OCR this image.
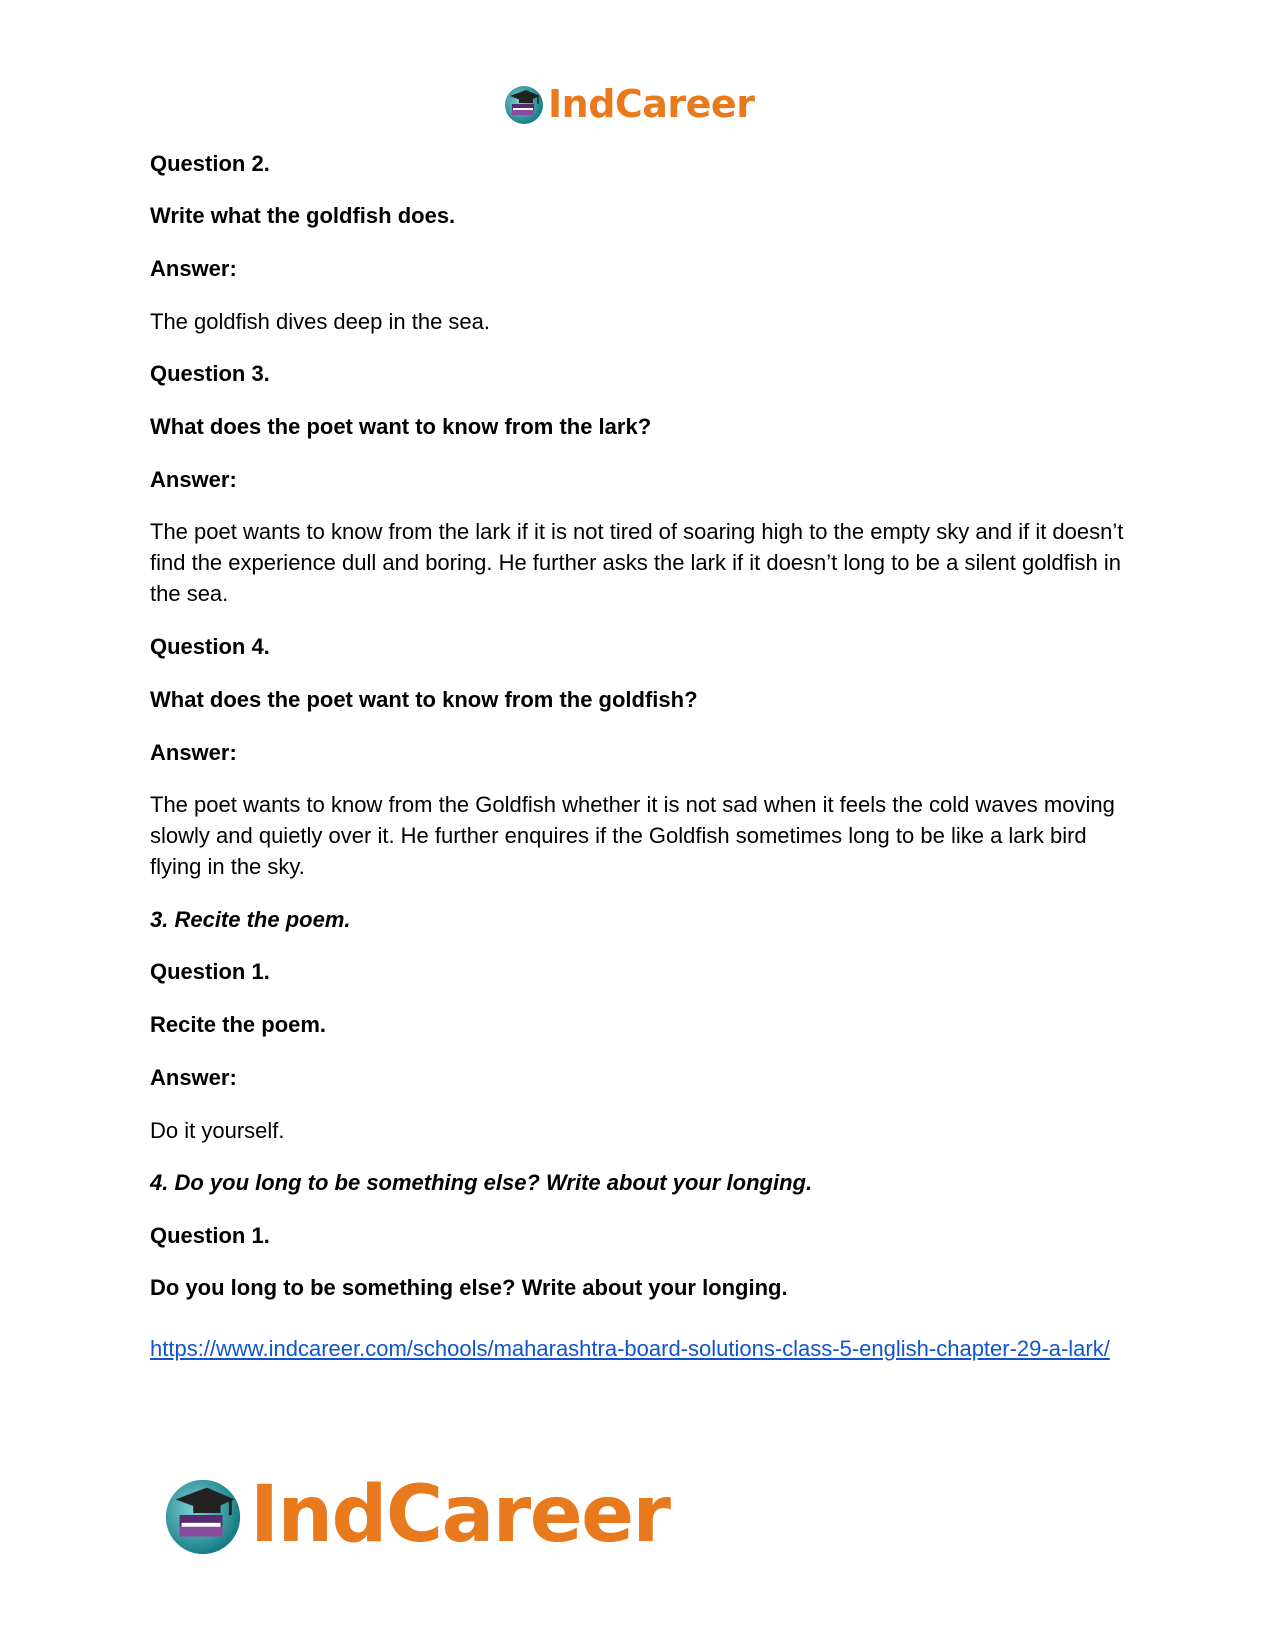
IndCareer

Question 2.

Write what the goldfish does.

Answer:

The goldfish dives deep in the sea.

Question 3.

What does the poet want to know from the lark?

Answer:

The poet wants to know from the lark if it is not tired of soaring high to the empty sky and if it doesn’t find the experience dull and boring. He further asks the lark if it doesn’t long to be a silent goldfish in the sea.

Question 4.

What does the poet want to know from the goldfish?

Answer:

The poet wants to know from the Goldfish whether it is not sad when it feels the cold waves moving slowly and quietly over it. He further enquires if the Goldfish sometimes long to be like a lark bird flying in the sky.

3. Recite the poem.

Question 1.

Recite the poem.

Answer:

Do it yourself.

4. Do you long to be something else? Write about your longing.

Question 1.

Do you long to be something else? Write about your longing.

https://www.indcareer.com/schools/maharashtra-board-solutions-class-5-english-chapter-29-a-lark/
IndCareer
